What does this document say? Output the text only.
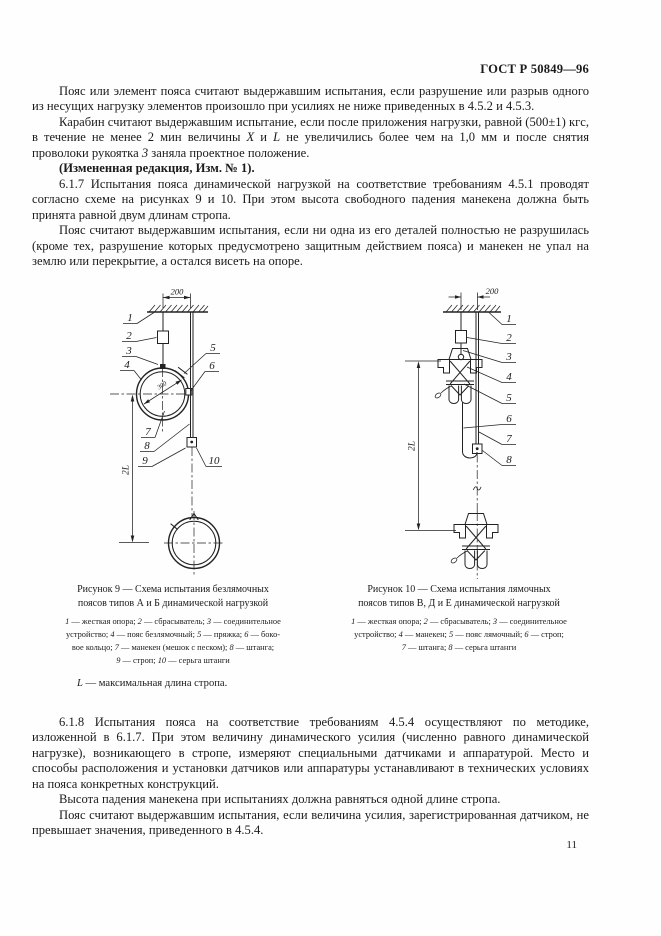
ГОСТ Р 50849—96

Пояс или элемент пояса считают выдержавшим испытания, если разрушение или разрыв одного из несущих нагрузку элементов произошло при усилиях не ниже приведенных в 4.5.2 и 4.5.3.

Карабин считают выдержавшим испытание, если после приложения нагрузки, равной (500±1) кгс, в течение не менее 2 мин величины X и L не увеличились более чем на 1,0 мм и после снятия проволоки рукоятка 3 заняла проектное положение.

(Измененная редакция, Изм. № 1).

6.1.7 Испытания пояса динамической нагрузкой на соответствие требованиям 4.5.1 проводят согласно схеме на рисунках 9 и 10. При этом высота свободного падения манекена должна быть принята равной двум длинам стропа.

Пояс считают выдержавшим испытания, если ни одна из его деталей полностью не разрушилась (кроме тех, разрушение которых предусмотрено защитным действием пояса) и манекен не упал на землю или перекрытие, а остался висеть на опоре.

200
300
2L
1
2
3
4
5
6
7
8
9	10
200
2L
1
2
3
4
5
6
7
8
Рисунок 9 — Схема испытания безлямочных
поясов типов А и Б динамической нагрузкой
Рисунок 10 — Схема испытания лямочных
поясов типов В, Д и Е динамической нагрузкой
1 — жесткая опора; 2 — сбрасыватель; 3 — соединительное
устройство; 4 — пояс безлямочный; 5 — пряжка; 6 — боко-
вое кольцо; 7 — манекен (мешок с песком); 8 — штанга;
9 — строп; 10 — серьга штанги
1 — жесткая опора; 2 — сбрасыватель; 3 — соединительное
устройство; 4 — манекен; 5 — пояс лямочный; 6 — строп;
7 — штанга; 8 — серьга штанги
L — максимальная длина стропа.

6.1.8 Испытания пояса на соответствие требованиям 4.5.4 осуществляют по методике, изложенной в 6.1.7. При этом величину динамического усилия (численно равного динамической нагрузке), возникающего в стропе, измеряют специальными датчиками и аппаратурой. Место и способы расположения и установки датчиков или аппаратуры устанавливают в технических условиях на пояса конкретных конструкций.

Высота падения манекена при испытаниях должна равняться одной длине стропа.

Пояс считают выдержавшим испытания, если величина усилия, зарегистрированная датчиком, не превышает значения, приведенного в 4.5.4.

11
